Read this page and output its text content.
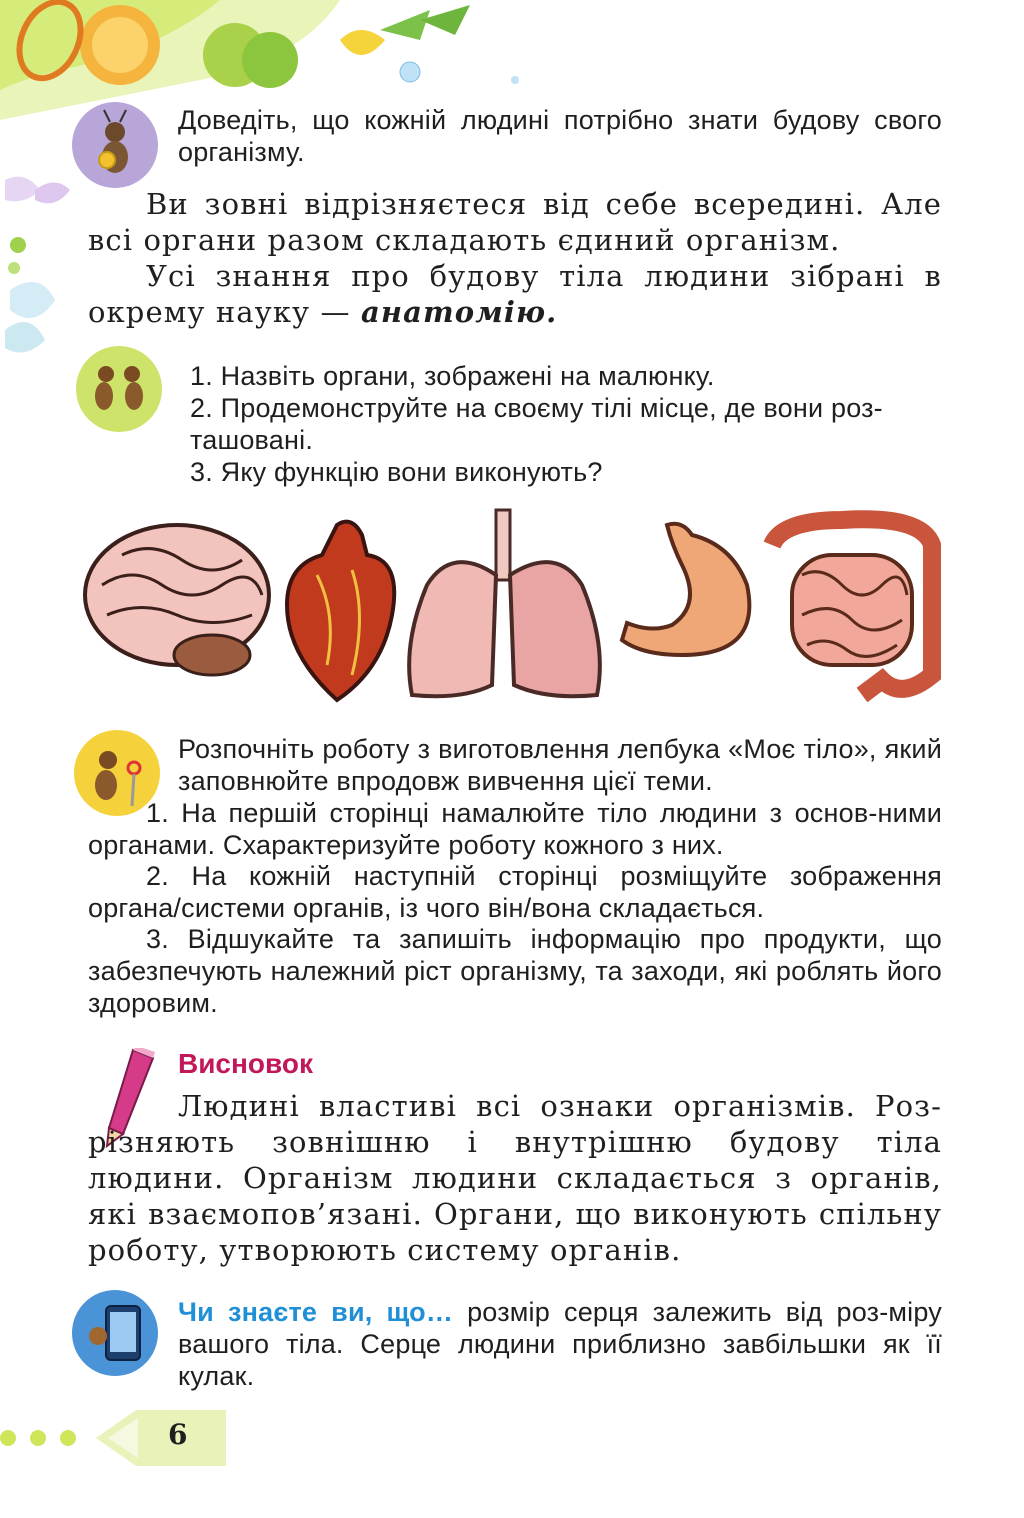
Доведіть, що кожній людині потрібно знати будову свого організму.
Ви зовні відрізняєтеся від себе всередині. Але всі органи разом складають єдиний організм.
Усі знання про будову тіла людини зібрані в окрему науку — анатомію.
1. Назвіть органи, зображені на малюнку.
2. Продемонструйте на своєму тілі місце, де вони роз-ташовані.
3. Яку функцію вони виконують?
Розпочніть роботу з виготовлення лепбука «Моє тіло», який заповнюйте впродовж вивчення цієї теми.
1. На першій сторінці намалюйте тіло людини з основ-ними органами. Схарактеризуйте роботу кожного з них.
2. На кожній наступній сторінці розміщуйте зображення органа/системи органів, із чого він/вона складається.
3. Відшукайте та запишіть інформацію про продукти, що забезпечують належний ріст організму, та заходи, які роблять його здоровим.
Висновок
Людині властиві всі ознаки організмів. Роз-різняють зовнішню і внутрішню будову тіла людини. Організм людини складається з органів, які взаємопов’язані. Органи, що виконують спільну роботу, утворюють систему органів.
Чи знаєте ви, що… розмір серця залежить від роз-міру вашого тіла. Серце людини приблизно завбільшки як її кулак.
6
